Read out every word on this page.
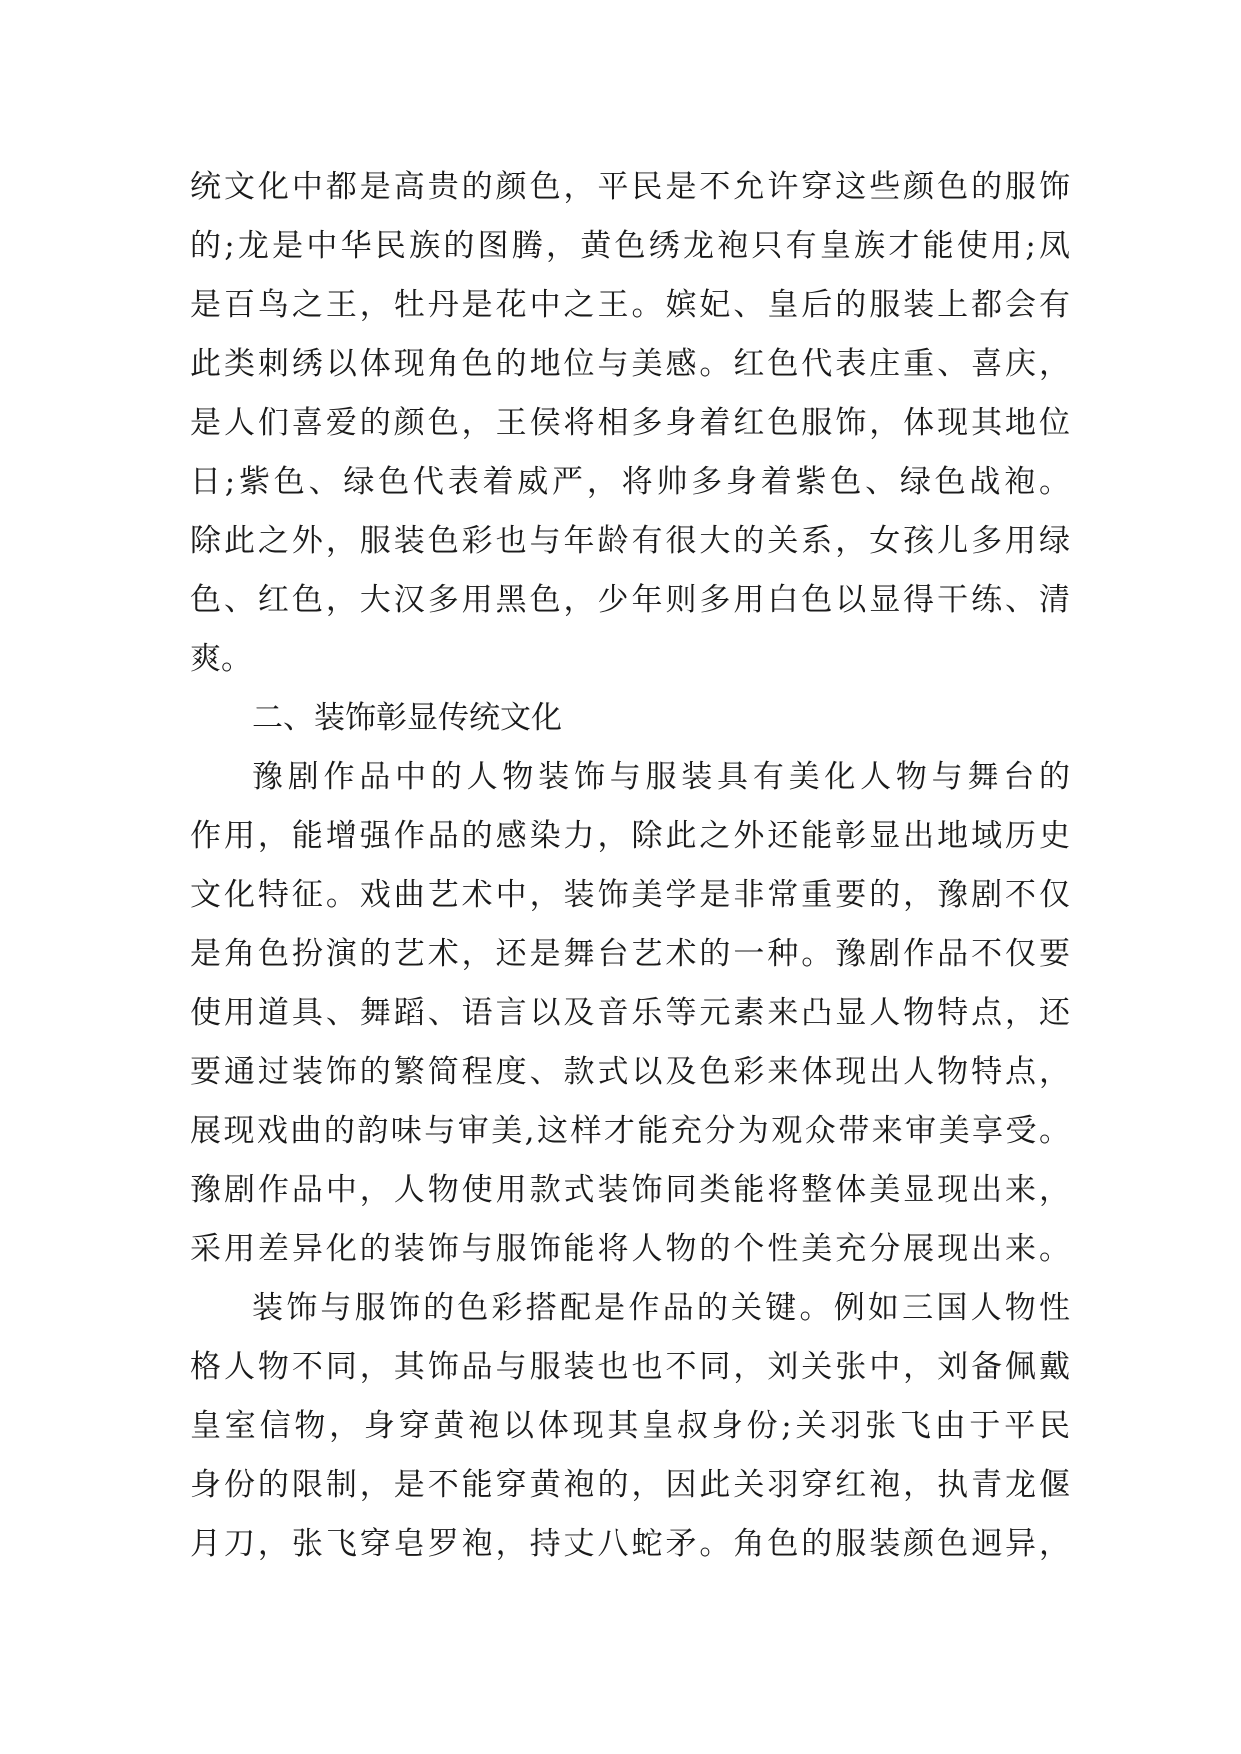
统文化中都是高贵的颜色，平民是不允许穿这些颜色的服饰
的;龙是中华民族的图腾，黄色绣龙袍只有皇族才能使用;凤
是百鸟之王，牡丹是花中之王。嫔妃、皇后的服装上都会有
此类刺绣以体现角色的地位与美感。红色代表庄重、喜庆，
是人们喜爱的颜色，王侯将相多身着红色服饰，体现其地位
日;紫色、绿色代表着威严，将帅多身着紫色、绿色战袍。
除此之外，服装色彩也与年龄有很大的关系，女孩儿多用绿
色、红色，大汉多用黑色，少年则多用白色以显得干练、清
爽。
二、装饰彰显传统文化
豫剧作品中的人物装饰与服装具有美化人物与舞台的
作用，能增强作品的感染力，除此之外还能彰显出地域历史
文化特征。戏曲艺术中，装饰美学是非常重要的，豫剧不仅
是角色扮演的艺术，还是舞台艺术的一种。豫剧作品不仅要
使用道具、舞蹈、语言以及音乐等元素来凸显人物特点，还
要通过装饰的繁简程度、款式以及色彩来体现出人物特点，
展现戏曲的韵味与审美,这样才能充分为观众带来审美享受。
豫剧作品中，人物使用款式装饰同类能将整体美显现出来，
采用差异化的装饰与服饰能将人物的个性美充分展现出来。
装饰与服饰的色彩搭配是作品的关键。例如三国人物性
格人物不同，其饰品与服装也也不同，刘关张中，刘备佩戴
皇室信物，身穿黄袍以体现其皇叔身份;关羽张飞由于平民
身份的限制，是不能穿黄袍的，因此关羽穿红袍，执青龙偃
月刀，张飞穿皂罗袍，持丈八蛇矛。角色的服装颜色迥异，
